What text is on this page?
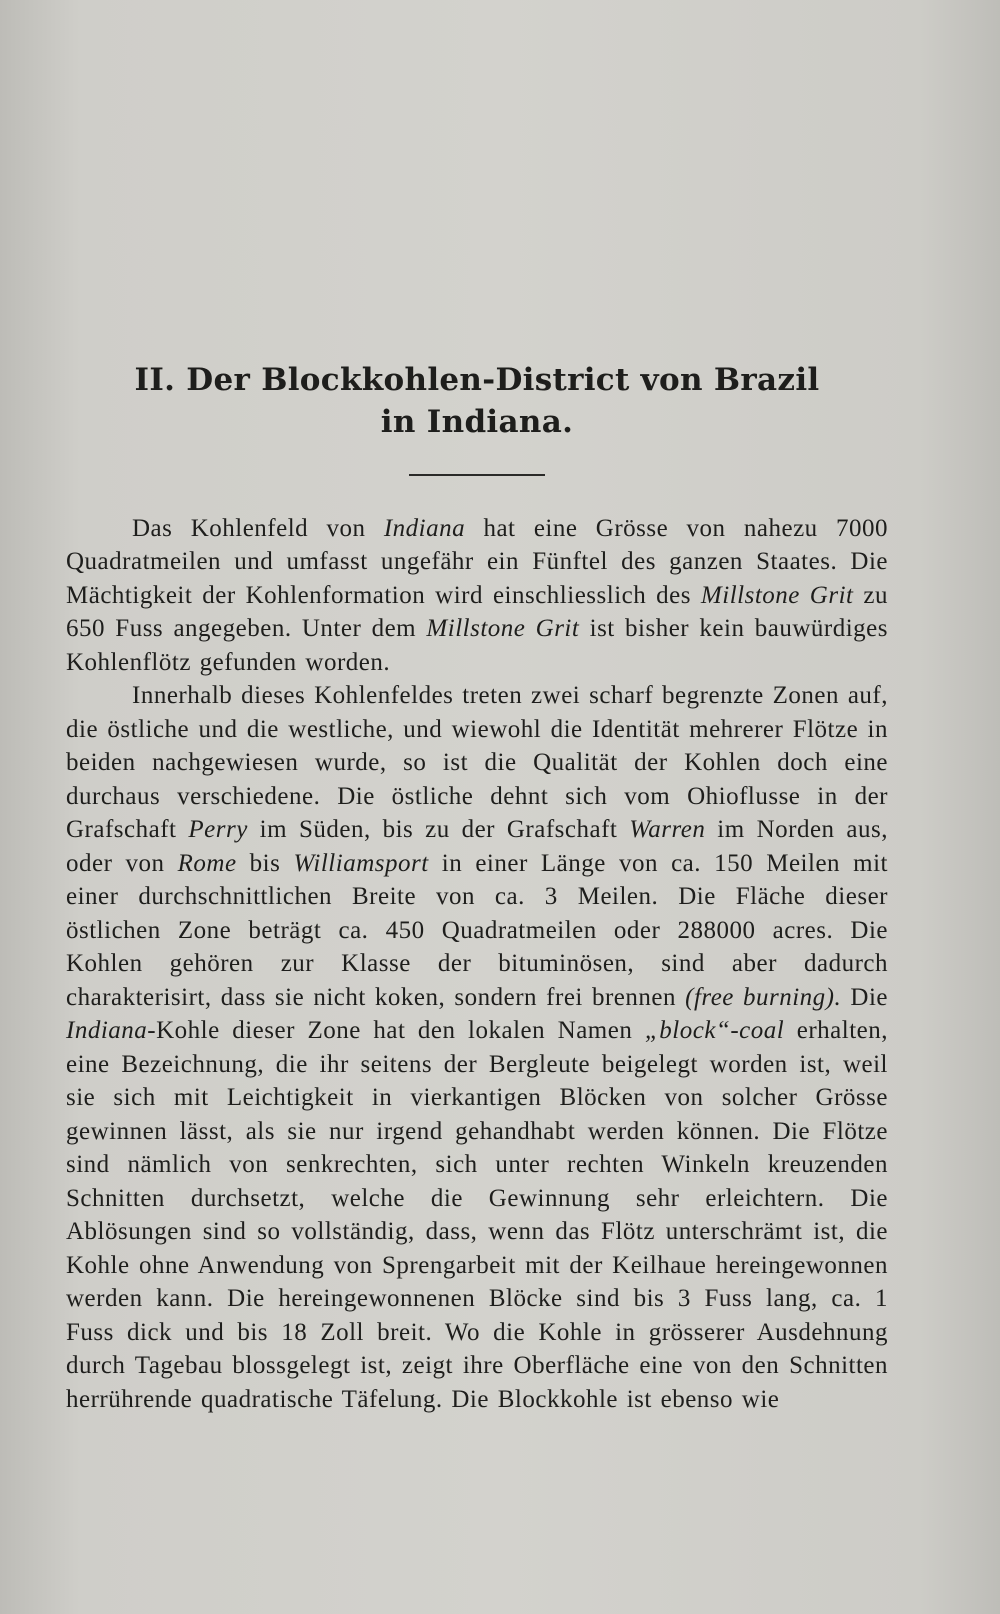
II. Der Blockkohlen-District von Brazil
in Indiana.

Das Kohlenfeld von Indiana hat eine Grösse von nahezu 7000 Quadratmeilen und umfasst ungefähr ein Fünftel des ganzen Staates. Die Mächtigkeit der Kohlenformation wird einschliesslich des Millstone Grit zu 650 Fuss angegeben. Unter dem Millstone Grit ist bisher kein bauwürdiges Kohlenflötz gefunden worden.

Innerhalb dieses Kohlenfeldes treten zwei scharf begrenzte Zonen auf, die östliche und die westliche, und wiewohl die Identität mehrerer Flötze in beiden nachgewiesen wurde, so ist die Qualität der Kohlen doch eine durchaus verschiedene. Die östliche dehnt sich vom Ohioflusse in der Grafschaft Perry im Süden, bis zu der Grafschaft Warren im Norden aus, oder von Rome bis Williamsport in einer Länge von ca. 150 Meilen mit einer durchschnittlichen Breite von ca. 3 Meilen. Die Fläche dieser östlichen Zone beträgt ca. 450 Quadratmeilen oder 288000 acres. Die Kohlen gehören zur Klasse der bituminösen, sind aber dadurch charakterisirt, dass sie nicht koken, sondern frei brennen (free burning). Die Indiana-Kohle dieser Zone hat den lokalen Namen „block“-coal erhalten, eine Bezeichnung, die ihr seitens der Bergleute beigelegt worden ist, weil sie sich mit Leichtigkeit in vierkantigen Blöcken von solcher Grösse gewinnen lässt, als sie nur irgend gehandhabt werden können. Die Flötze sind nämlich von senkrechten, sich unter rechten Winkeln kreuzenden Schnitten durchsetzt, welche die Gewinnung sehr erleichtern. Die Ablösungen sind so vollständig, dass, wenn das Flötz unterschrämt ist, die Kohle ohne Anwendung von Sprengarbeit mit der Keilhaue hereingewonnen werden kann. Die hereingewonnenen Blöcke sind bis 3 Fuss lang, ca. 1 Fuss dick und bis 18 Zoll breit. Wo die Kohle in grösserer Ausdehnung durch Tagebau blossgelegt ist, zeigt ihre Oberfläche eine von den Schnitten herrührende quadratische Täfelung. Die Blockkohle ist ebenso wie
